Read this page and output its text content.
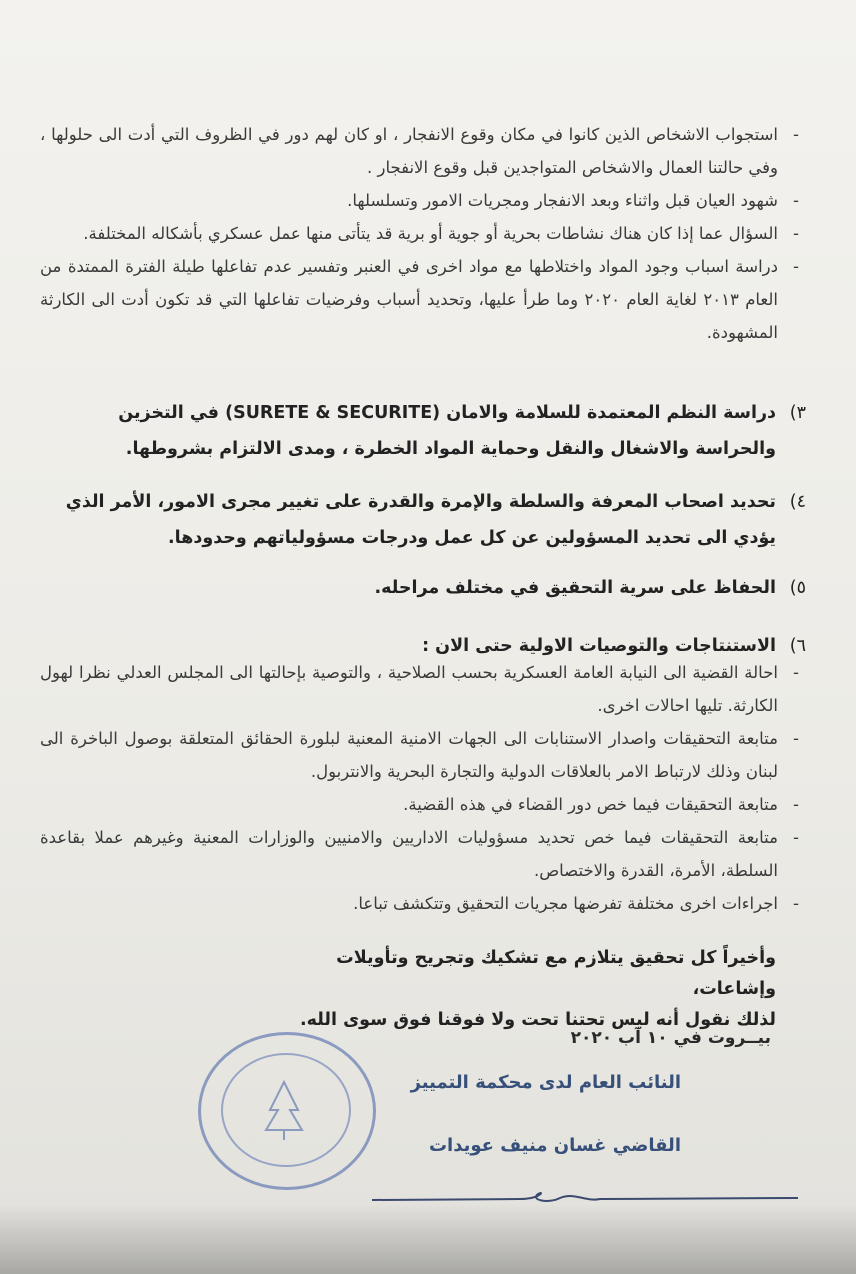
-
استجواب الاشخاص الذين كانوا في مكان وقوع الانفجار ، او كان لهم دور في الظروف التي أدت الى حلولها ، وفي حالتنا العمال والاشخاص المتواجدين قبل وقوع الانفجار .
-
شهود العيان قبل واثناء وبعد الانفجار ومجريات الامور وتسلسلها.
-
السؤال عما إذا كان هناك نشاطات بحرية أو جوية أو برية قد يتأتى منها عمل عسكري بأشكاله المختلفة.
-
دراسة اسباب وجود المواد واختلاطها مع مواد اخرى في العنبر وتفسير عدم تفاعلها طيلة الفترة الممتدة من العام ٢٠١٣ لغاية العام ٢٠٢٠ وما طرأ عليها، وتحديد أسباب وفرضيات تفاعلها التي قد تكون أدت الى الكارثة المشهودة.
٣)
دراسة النظم المعتمدة للسلامة والامان (SURETE & SECURITE) في التخزين والحراسة والاشغال والنقل وحماية المواد الخطرة ، ومدى الالتزام بشروطها.
٤)
تحديد اصحاب المعرفة والسلطة والإمرة والقدرة على تغيير مجرى الامور، الأمر الذي يؤدي الى تحديد المسؤولين عن كل عمل ودرجات مسؤولياتهم وحدودها.
٥)
الحفاظ على سرية التحقيق في مختلف مراحله.
٦)
الاستنتاجات والتوصيات الاولية حتى الان :
-
احالة القضية الى النيابة العامة العسكرية بحسب الصلاحية ، والتوصية بإحالتها الى المجلس العدلي نظرا لهول الكارثة. تليها احالات اخرى.
-
متابعة التحقيقات واصدار الاستنابات الى الجهات الامنية المعنية لبلورة الحقائق المتعلقة بوصول الباخرة الى لبنان وذلك لارتباط الامر بالعلاقات الدولية والتجارة البحرية والانتربول.
-
متابعة التحقيقات فيما خص دور القضاء في هذه القضية.
-
متابعة التحقيقات فيما خص تحديد مسؤوليات الاداريين والامنيين والوزارات المعنية وغيرهم عملا بقاعدة السلطة، الأمرة، القدرة والاختصاص.
-
اجراءات اخرى مختلفة تفرضها مجريات التحقيق وتتكشف تباعا.
وأخيراً كل تحقيق يتلازم مع تشكيك وتجريح وتأويلات وإشاعات،
لذلك نقول أنه ليس تحتنا تحت ولا فوقنا فوق سوى الله.
بيــروت في ١٠ آب ٢٠٢٠
النائب العام لدى محكمة التمييز
القاضي غسان منيف عويدات
